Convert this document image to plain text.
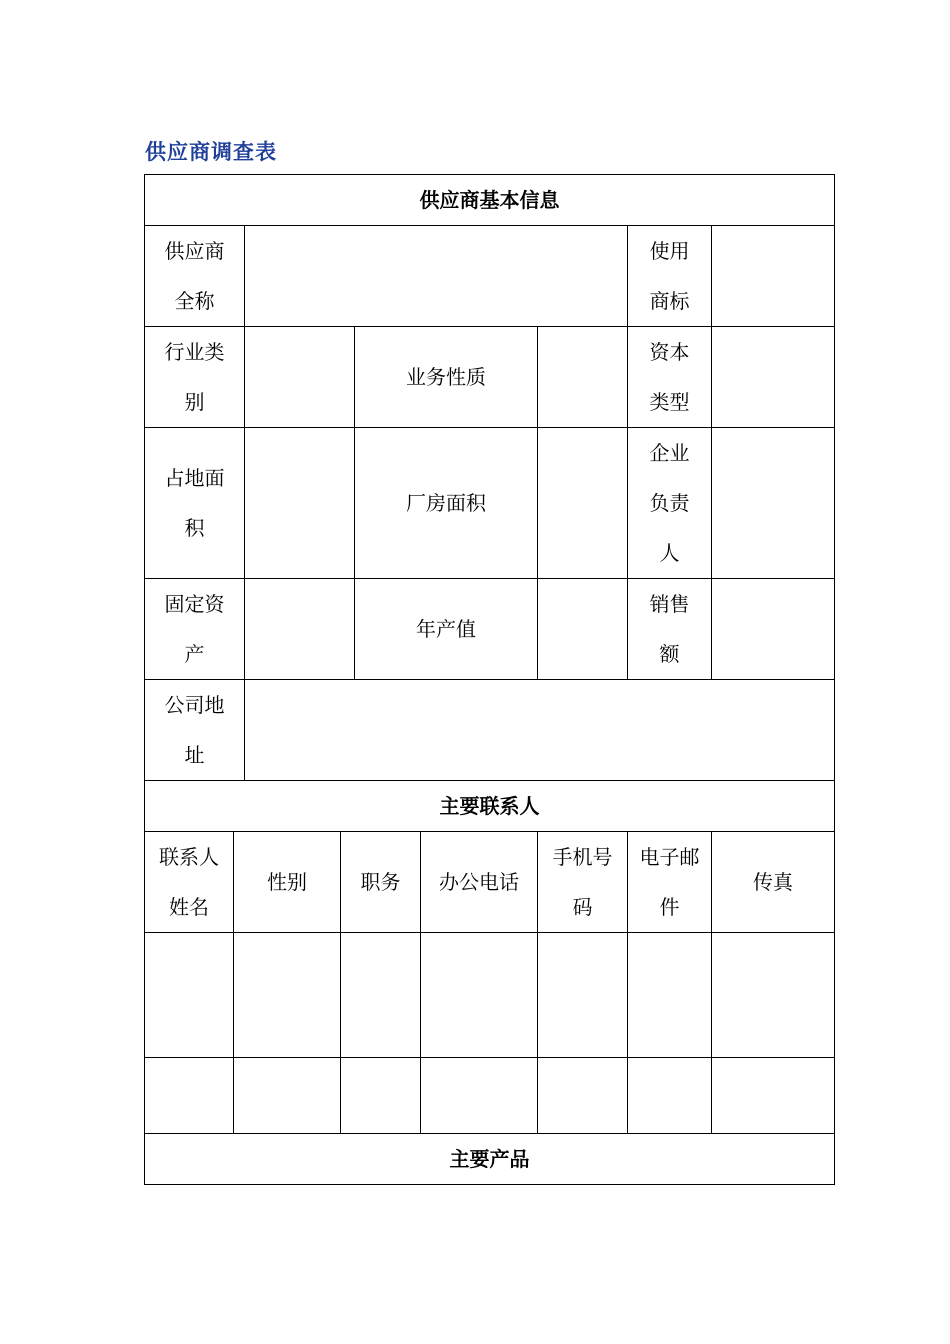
供应商调查表
供应商基本信息								

供应商全称							使用商标	

行业类别				业务性质			资本类型	

占地面积				厂房面积			企业负责人	

固定资产				年产值			销售额	

公司地址								

主要联系人								

联系人姓名	性别		职务		办公电话	手机号码	电子邮件	传真

主要产品								
